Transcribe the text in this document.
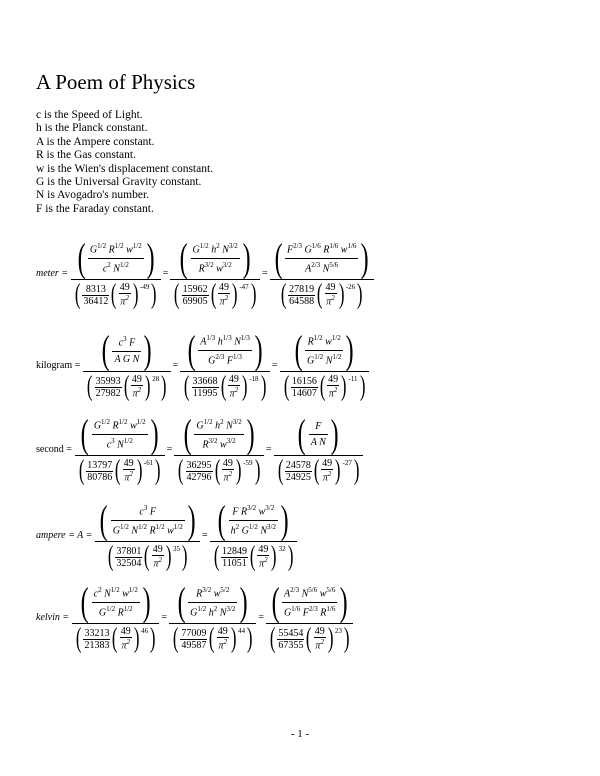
A Poem of Physics
c is the Speed of Light.
h is the Planck constant.
A is the Ampere constant.
R is the Gas constant.
w is the Wien's displacement constant.
G is the Universal Gravity constant.
N is Avogadro's number.
F is the Faraday constant.
meter = ( $\frac{G^{1/2} R^{1/2} w^{1/2}}{c^2 N^{1/2}}$
)
( $\frac{8313}{36412}$ ( $\frac{49}{\pi^2}$
) -49
) = ( $\frac{G^{1/2} h^2 N^{3/2}}{R^{3/2} w^{3/2}}$
)
( $\frac{15962}{69905}$ ( $\frac{49}{\pi^2}$
) -47
) = ( $\frac{F^{2/3} G^{1/6} R^{1/6} w^{1/6}}{A^{2/3} N^{5/6}}$
)
( $\frac{27819}{64588}$ ( $\frac{49}{\pi^2}$
) -26
)
kilogram = ( $\frac{c^3 F}{\text{A G N}}$
)
( $\frac{35993}{27982}$ ( $\frac{49}{\pi^2}$
) 28
) = ( $\frac{A^{1/3} h^{1/3} N^{1/3}}{G^{2/3} F^{1/3}}$
)
( $\frac{33668}{11995}$ ( $\frac{49}{\pi^2}$
) -18
) = ( $\frac{R^{1/2} w^{1/2}}{G^{1/2} N^{1/2}}$
)
( $\frac{16156}{14607}$ ( $\frac{49}{\pi^2}$
) -11
)
second = ( $\frac{G^{1/2} R^{1/2} w^{1/2}}{c^3 N^{1/2}}$
)
( $\frac{13797}{80786}$ ( $\frac{49}{\pi^2}$
) -61
) = ( $\frac{G^{1/2} h^2 N^{3/2}}{R^{3/2} w^{3/2}}$
)
( $\frac{36295}{42796}$ ( $\frac{49}{\pi^2}$
) -59
) = ( $\frac{F}{\text{A N}}$
)
( $\frac{24578}{24925}$ ( $\frac{49}{\pi^2}$
) -27
)
ampere = A = ( $\frac{c^3 F}{G^{1/2} N^{1/2} R^{1/2} w^{1/2}}$
)
( $\frac{37801}{32504}$ ( $\frac{49}{\pi^2}$
) 35
) = ( $\frac{F R^{3/2} w^{3/2}}{h^2 G^{1/2} N^{3/2}}$
)
( $\frac{12849}{11051}$ ( $\frac{49}{\pi^2}$
) 32
)
kelvin = ( $\frac{c^2 N^{1/2} w^{1/2}}{G^{1/2} R^{1/2}}$
)
( $\frac{33213}{21383}$ ( $\frac{49}{\pi^2}$
) 46
) = ( $\frac{R^{3/2} w^{5/2}}{G^{1/2} h^2 N^{3/2}}$
)
( $\frac{77009}{49587}$ ( $\frac{49}{\pi^2}$
) 44
) = ( $\frac{A^{2/3} N^{5/6} w^{5/6}}{G^{1/6} F^{2/3} R^{1/6}}$
)
( $\frac{55454}{67355}$ ( $\frac{49}{\pi^2}$
) 23
)
- 1 -
